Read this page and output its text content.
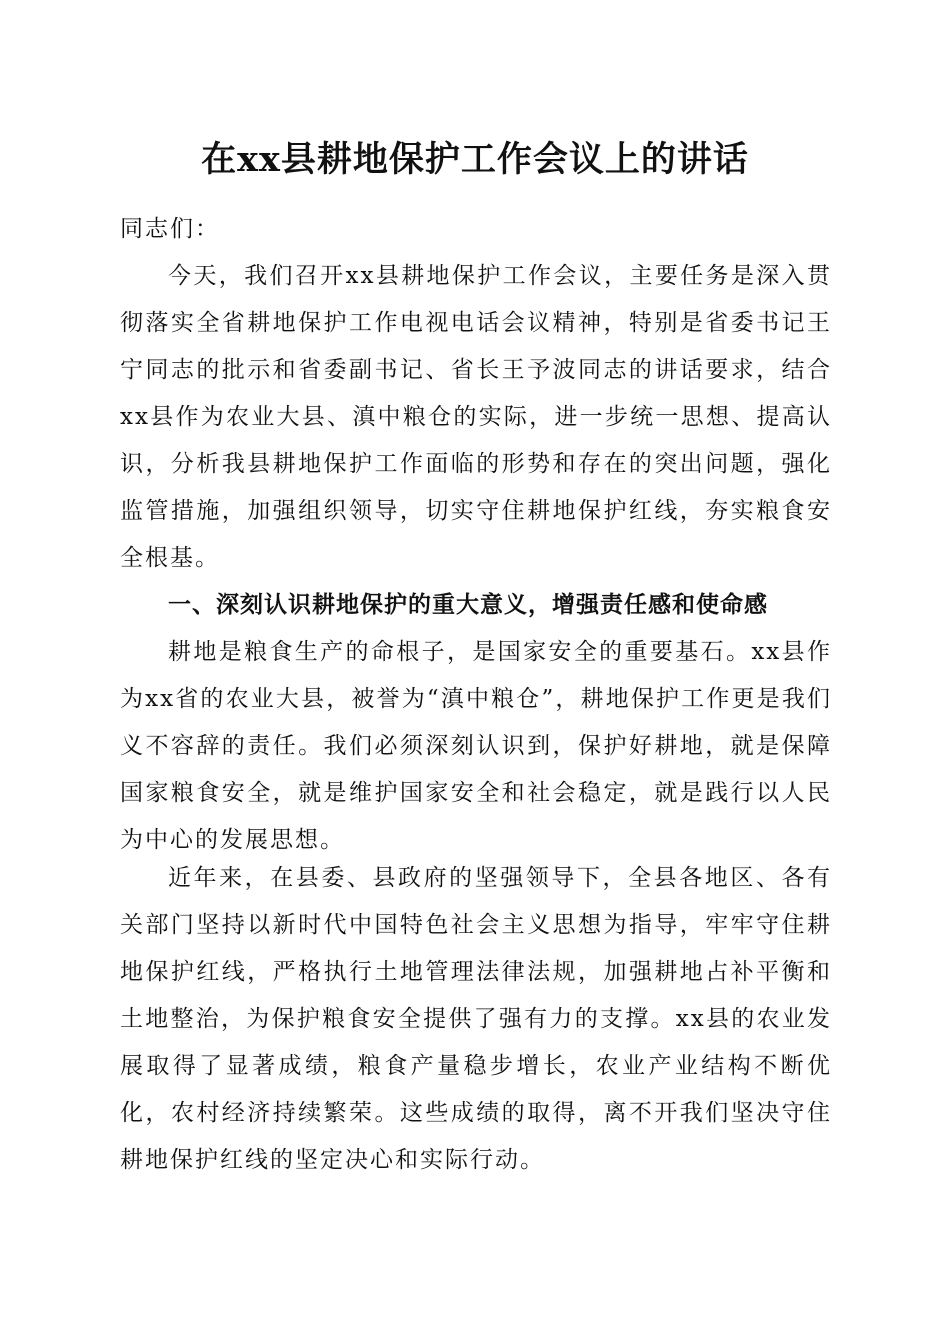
在xx县耕地保护工作会议上的讲话
同志们：
今天，我们召开xx县耕地保护工作会议，主要任务是深入贯彻落实全省耕地保护工作电视电话会议精神，特别是省委书记王宁同志的批示和省委副书记、省长王予波同志的讲话要求，结合xx县作为农业大县、滇中粮仓的实际，进一步统一思想、提高认识，分析我县耕地保护工作面临的形势和存在的突出问题，强化监管措施，加强组织领导，切实守住耕地保护红线，夯实粮食安全根基。
一、深刻认识耕地保护的重大意义，增强责任感和使命感
耕地是粮食生产的命根子，是国家安全的重要基石。xx县作为xx省的农业大县，被誉为“滇中粮仓”，耕地保护工作更是我们义不容辞的责任。我们必须深刻认识到，保护好耕地，就是保障国家粮食安全，就是维护国家安全和社会稳定，就是践行以人民为中心的发展思想。
近年来，在县委、县政府的坚强领导下，全县各地区、各有关部门坚持以新时代中国特色社会主义思想为指导，牢牢守住耕地保护红线，严格执行土地管理法律法规，加强耕地占补平衡和土地整治，为保护粮食安全提供了强有力的支撑。xx县的农业发展取得了显著成绩，粮食产量稳步增长，农业产业结构不断优化，农村经济持续繁荣。这些成绩的取得，离不开我们坚决守住耕地保护红线的坚定决心和实际行动。
